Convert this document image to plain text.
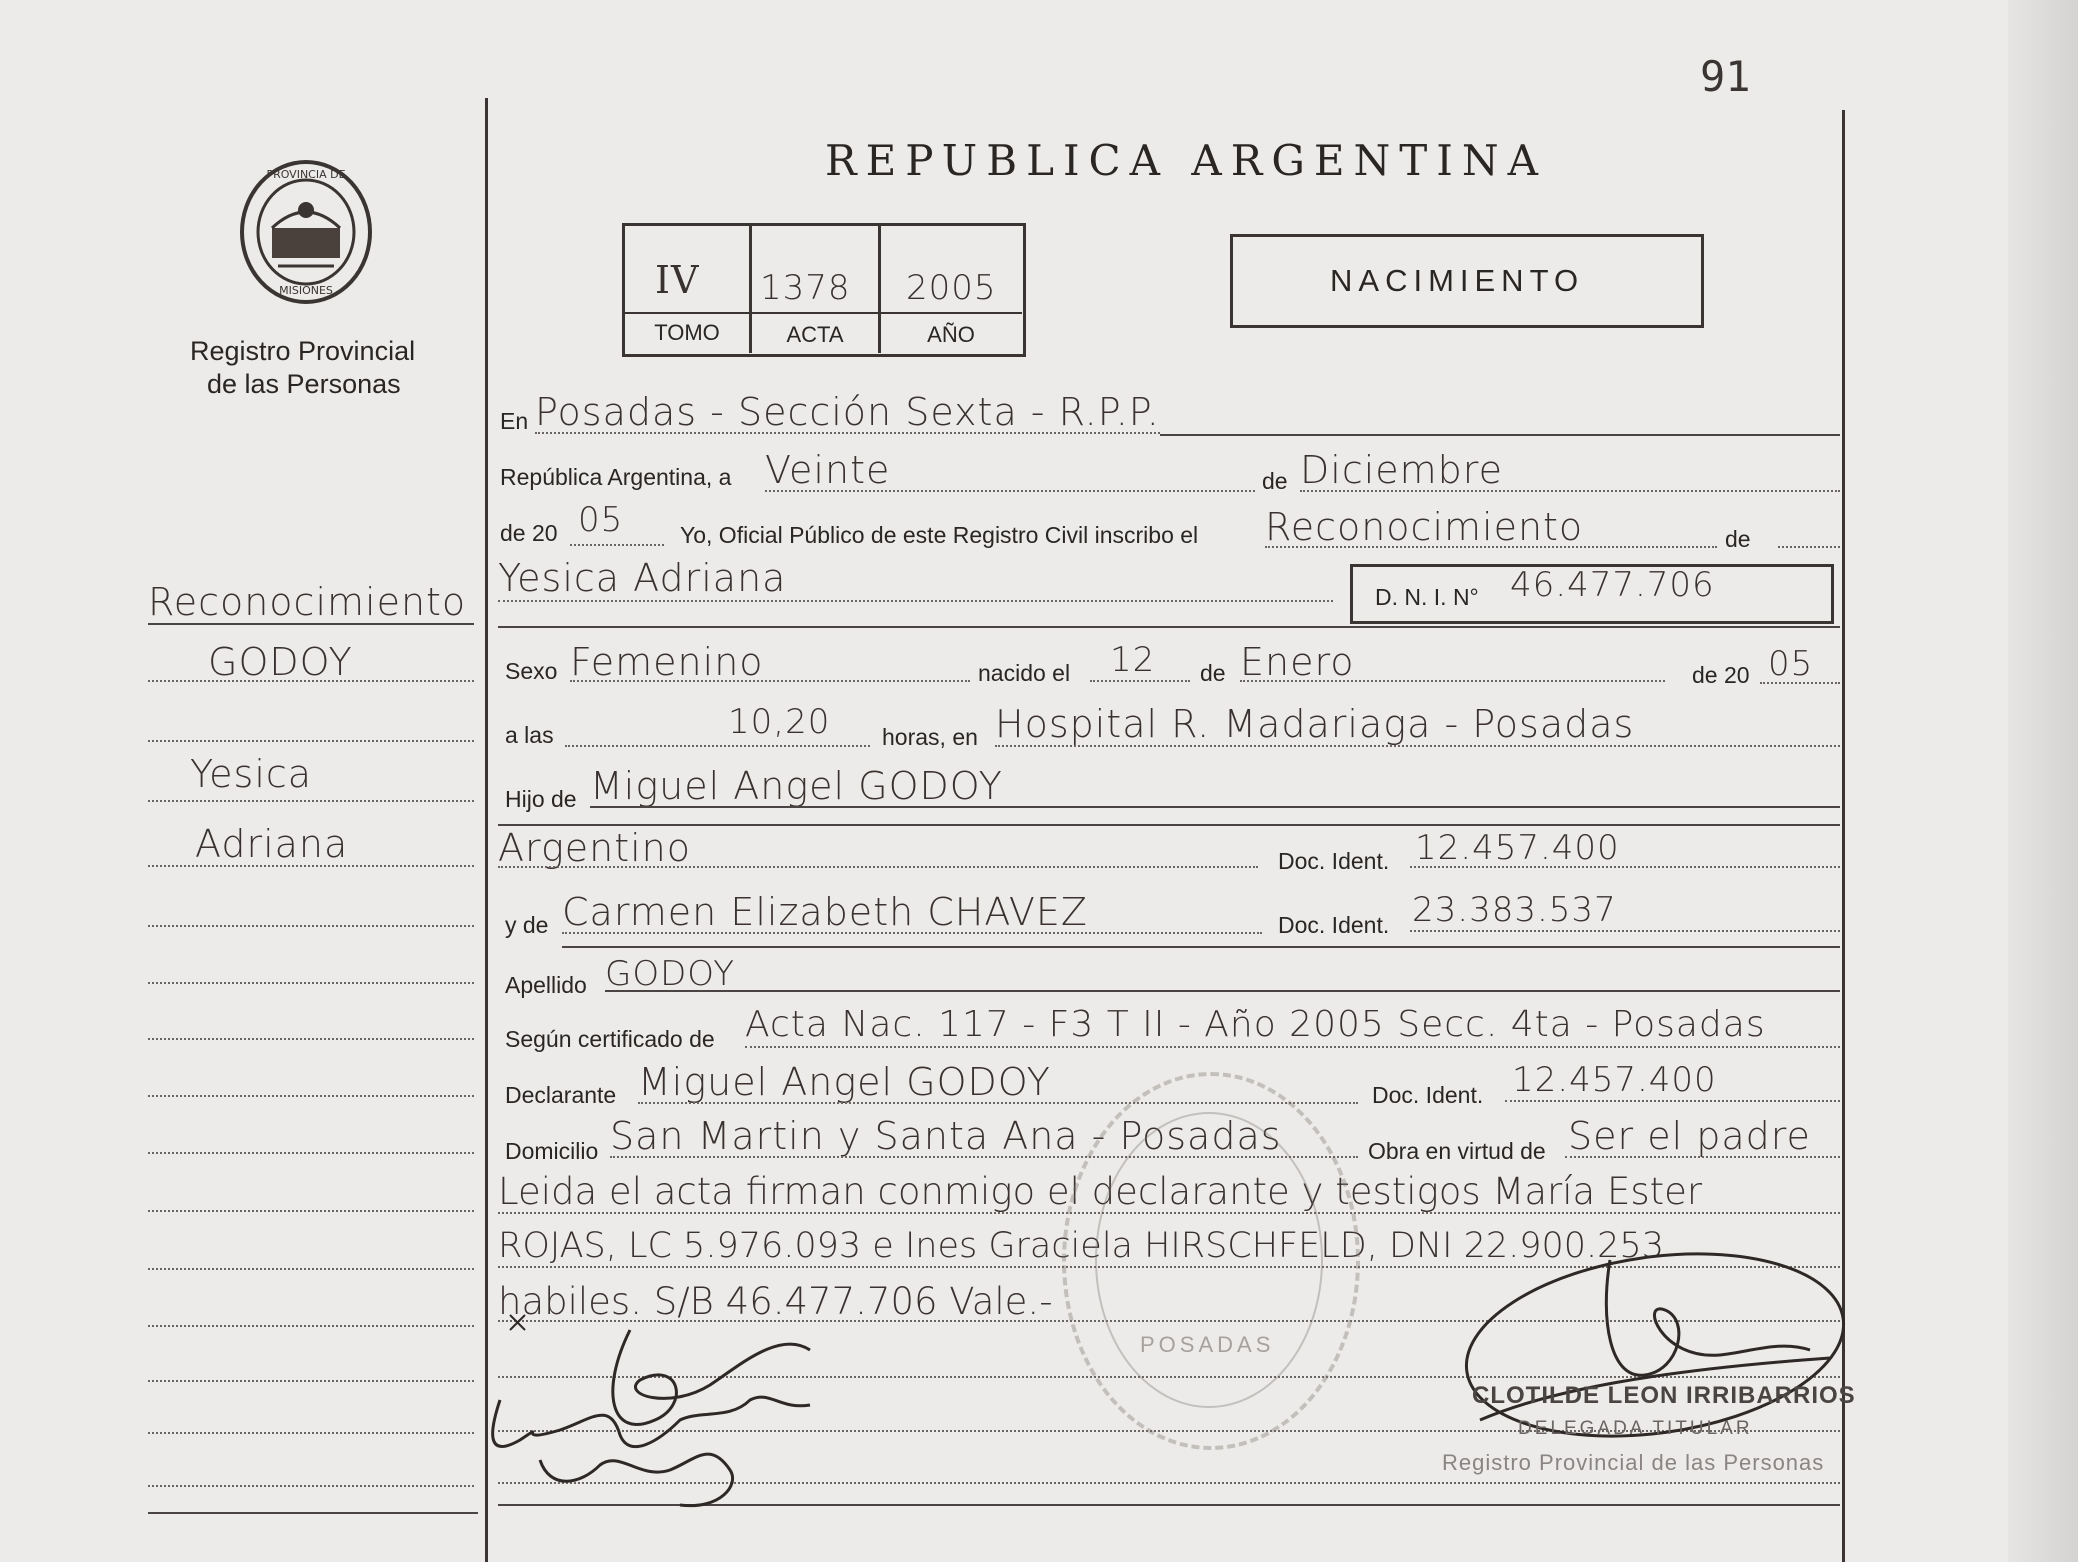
91
PROVINCIA DE
MISIONES
Registro Provincial
de las Personas
Reconocimiento
GODOY
Yesica
Adriana
REPUBLICA ARGENTINA
IV 1378 2005
TOMO	ACTA	AÑO
NACIMIENTO
En Posadas - Sección Sexta - R.P.P.
República Argentina, a Veinte	de Diciembre
de 20 05 Yo, Oficial Público de este Registro Civil inscribo el Reconocimiento	de
Yesica Adriana	D. N. I. N° 46.477.706
Sexo Femenino	nacido el 12 de Enero	de 20 05
a las	10,20 horas, en Hospital R. Madariaga - Posadas
Hijo de Miguel Angel GODOY
Argentino	Doc. Ident. 12.457.400
y de Carmen Elizabeth CHAVEZ	Doc. Ident. 23.383.537
Apellido GODOY
Según certificado de Acta Nac. 117 - F3 T II - Año 2005 Secc. 4ta - Posadas
Declarante Miguel Angel GODOY	Doc. Ident. 12.457.400
Domicilio San Martin y Santa Ana - Posadas	Obra en virtud de Ser el padre
Leida el acta firman conmigo el declarante y testigos María Ester
ROJAS, LC 5.976.093 e Ines Graciela HIRSCHFELD, DNI 22.900.253
habiles. S/B 46.477.706 Vale.-
POSADAS
CLOTILDE LEON IRRIBARRIOS
DELEGADA TITULAR
Registro Provincial de las Personas
